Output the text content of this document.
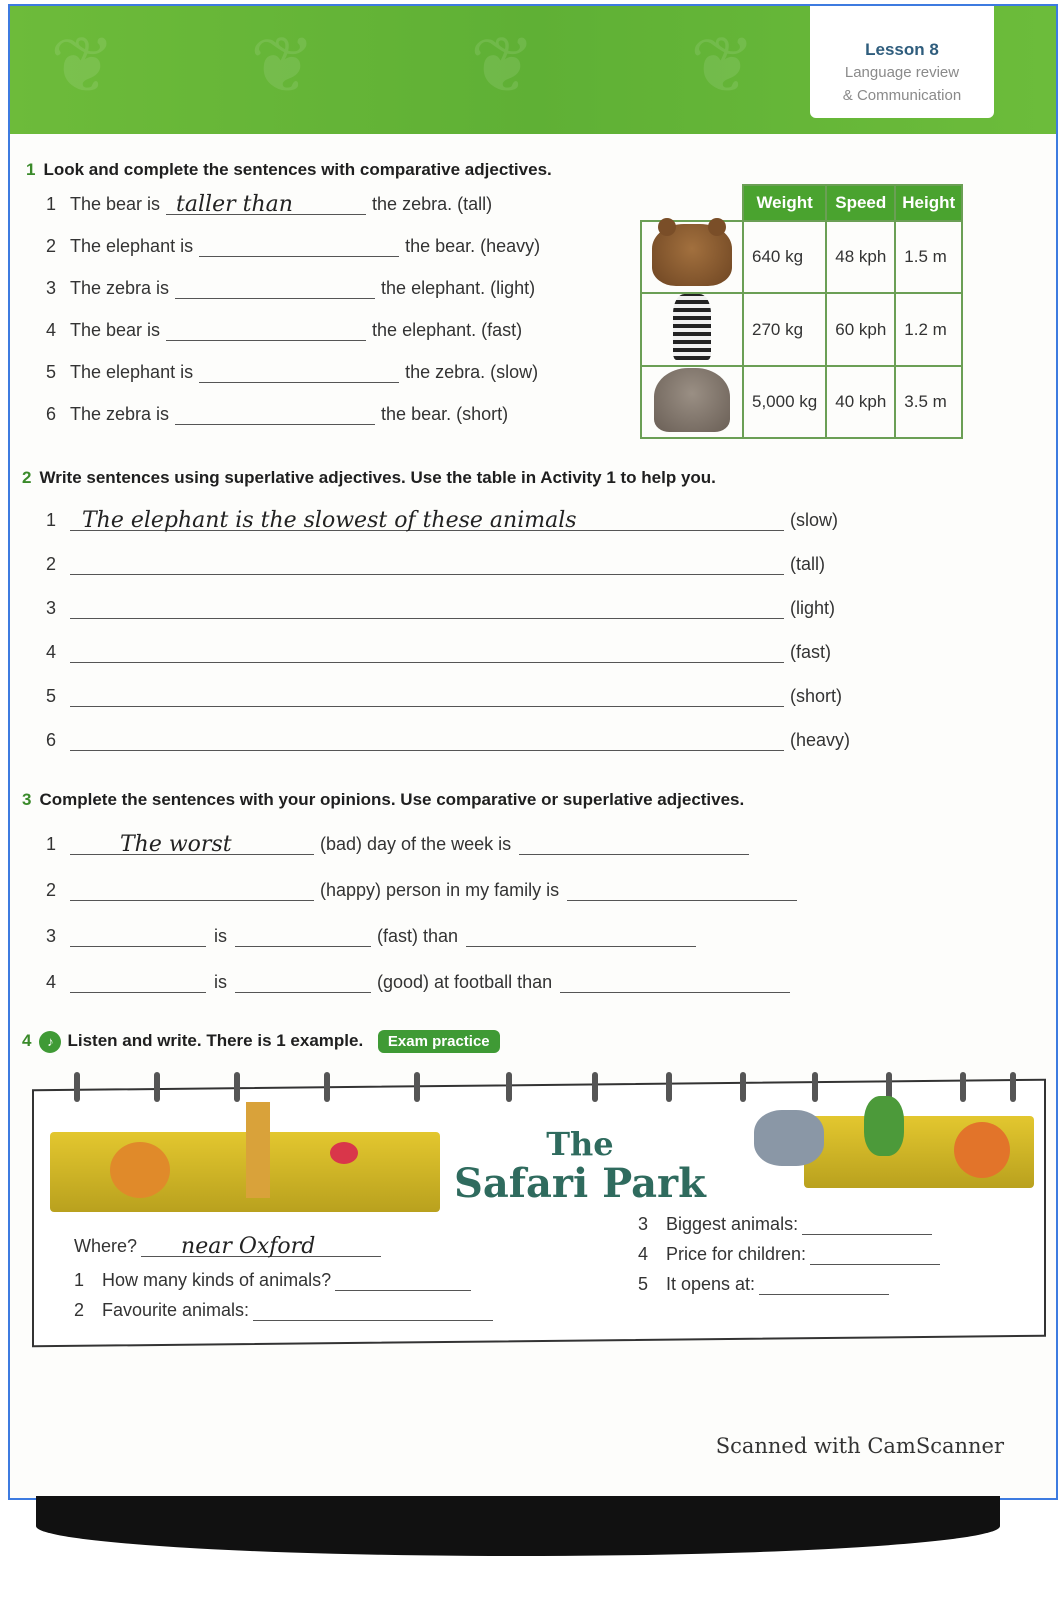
❦ ❦ ❦ ❦	Lesson 8
Language review
& Communication
1 Look and complete the sentences with comparative adjectives.
1 The bear is taller than	the zebra. (tall)
2 The elephant is	the bear. (heavy)
3 The zebra is	the elephant. (light)
4 The bear is	the elephant. (fast)
5 The elephant is	the zebra. (slow)
6 The zebra is	the bear. (short)
	Weight	Speed	Height
	640 kg	48 kph	1.5 m
	270 kg	60 kph	1.2 m
	5,000 kg	40 kph	3.5 m
2 Write sentences using superlative adjectives. Use the table in Activity 1 to help you.
1	The elephant is the slowest of these animals	(slow)
2	(tall)
3	(light)
4	(fast)
5	(short)
6	(heavy)
3 Complete the sentences with your opinions. Use comparative or superlative adjectives.
1	The worst	(bad) day of the week is
2	(happy) person in my family is
3	is	(fast) than
4	is	(good) at football than
4 ♪ Listen and write. There is 1 example. Exam practice
The
Safari Park
Where? near Oxford
1 How many kinds of animals?
2 Favourite animals:
3 Biggest animals:
4 Price for children:
5 It opens at:
Scanned with CamScanner
